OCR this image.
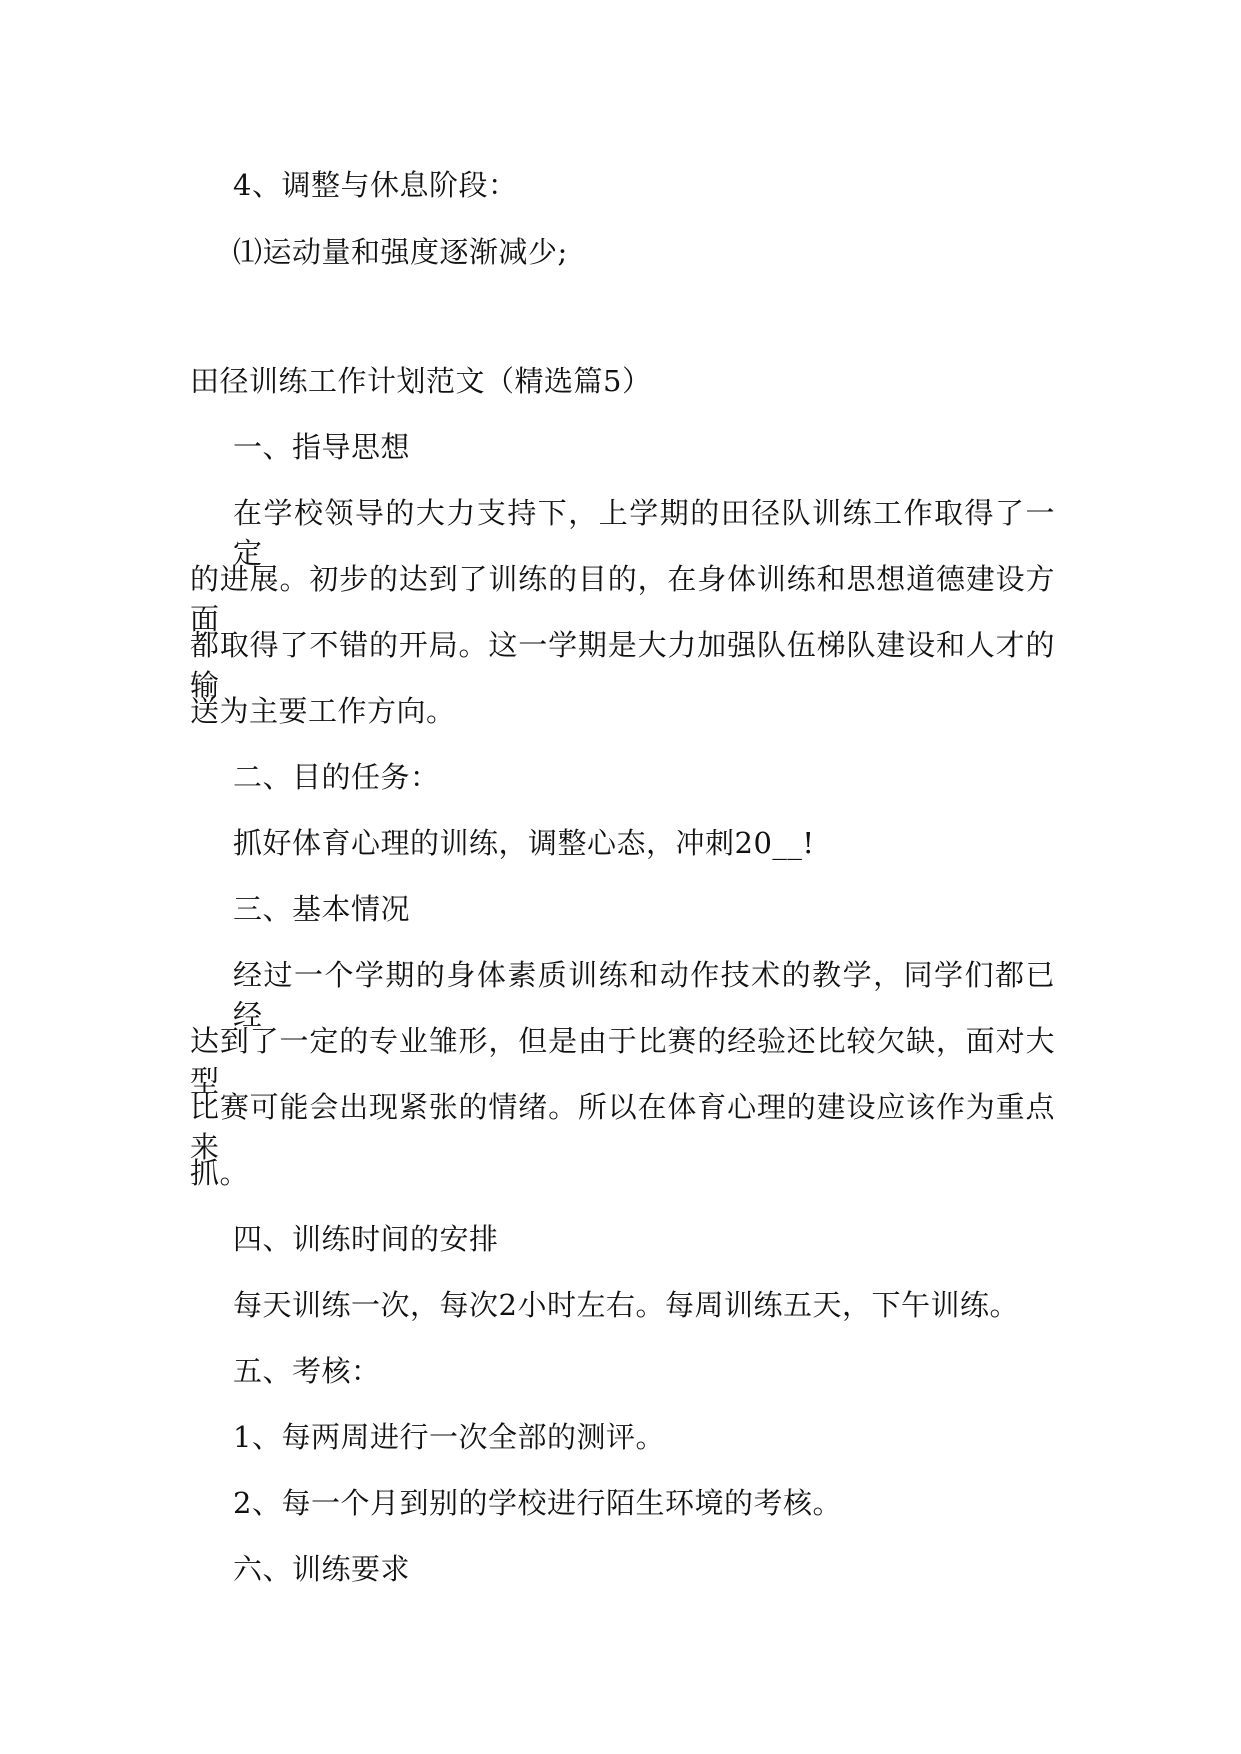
4、调整与休息阶段：
⑴运动量和强度逐渐减少;
田径训练工作计划范文（精选篇5）
一、指导思想
在学校领导的大力支持下，上学期的田径队训练工作取得了一定
的进展。初步的达到了训练的目的，在身体训练和思想道德建设方面
都取得了不错的开局。这一学期是大力加强队伍梯队建设和人才的输
送为主要工作方向。
二、目的任务：
抓好体育心理的训练，调整心态，冲刺20__!
三、基本情况
经过一个学期的身体素质训练和动作技术的教学，同学们都已经
达到了一定的专业雏形，但是由于比赛的经验还比较欠缺，面对大型
比赛可能会出现紧张的情绪。所以在体育心理的建设应该作为重点来
抓。
四、训练时间的安排
每天训练一次，每次2小时左右。每周训练五天，下午训练。
五、考核：
1、每两周进行一次全部的测评。
2、每一个月到别的学校进行陌生环境的考核。
六、训练要求
